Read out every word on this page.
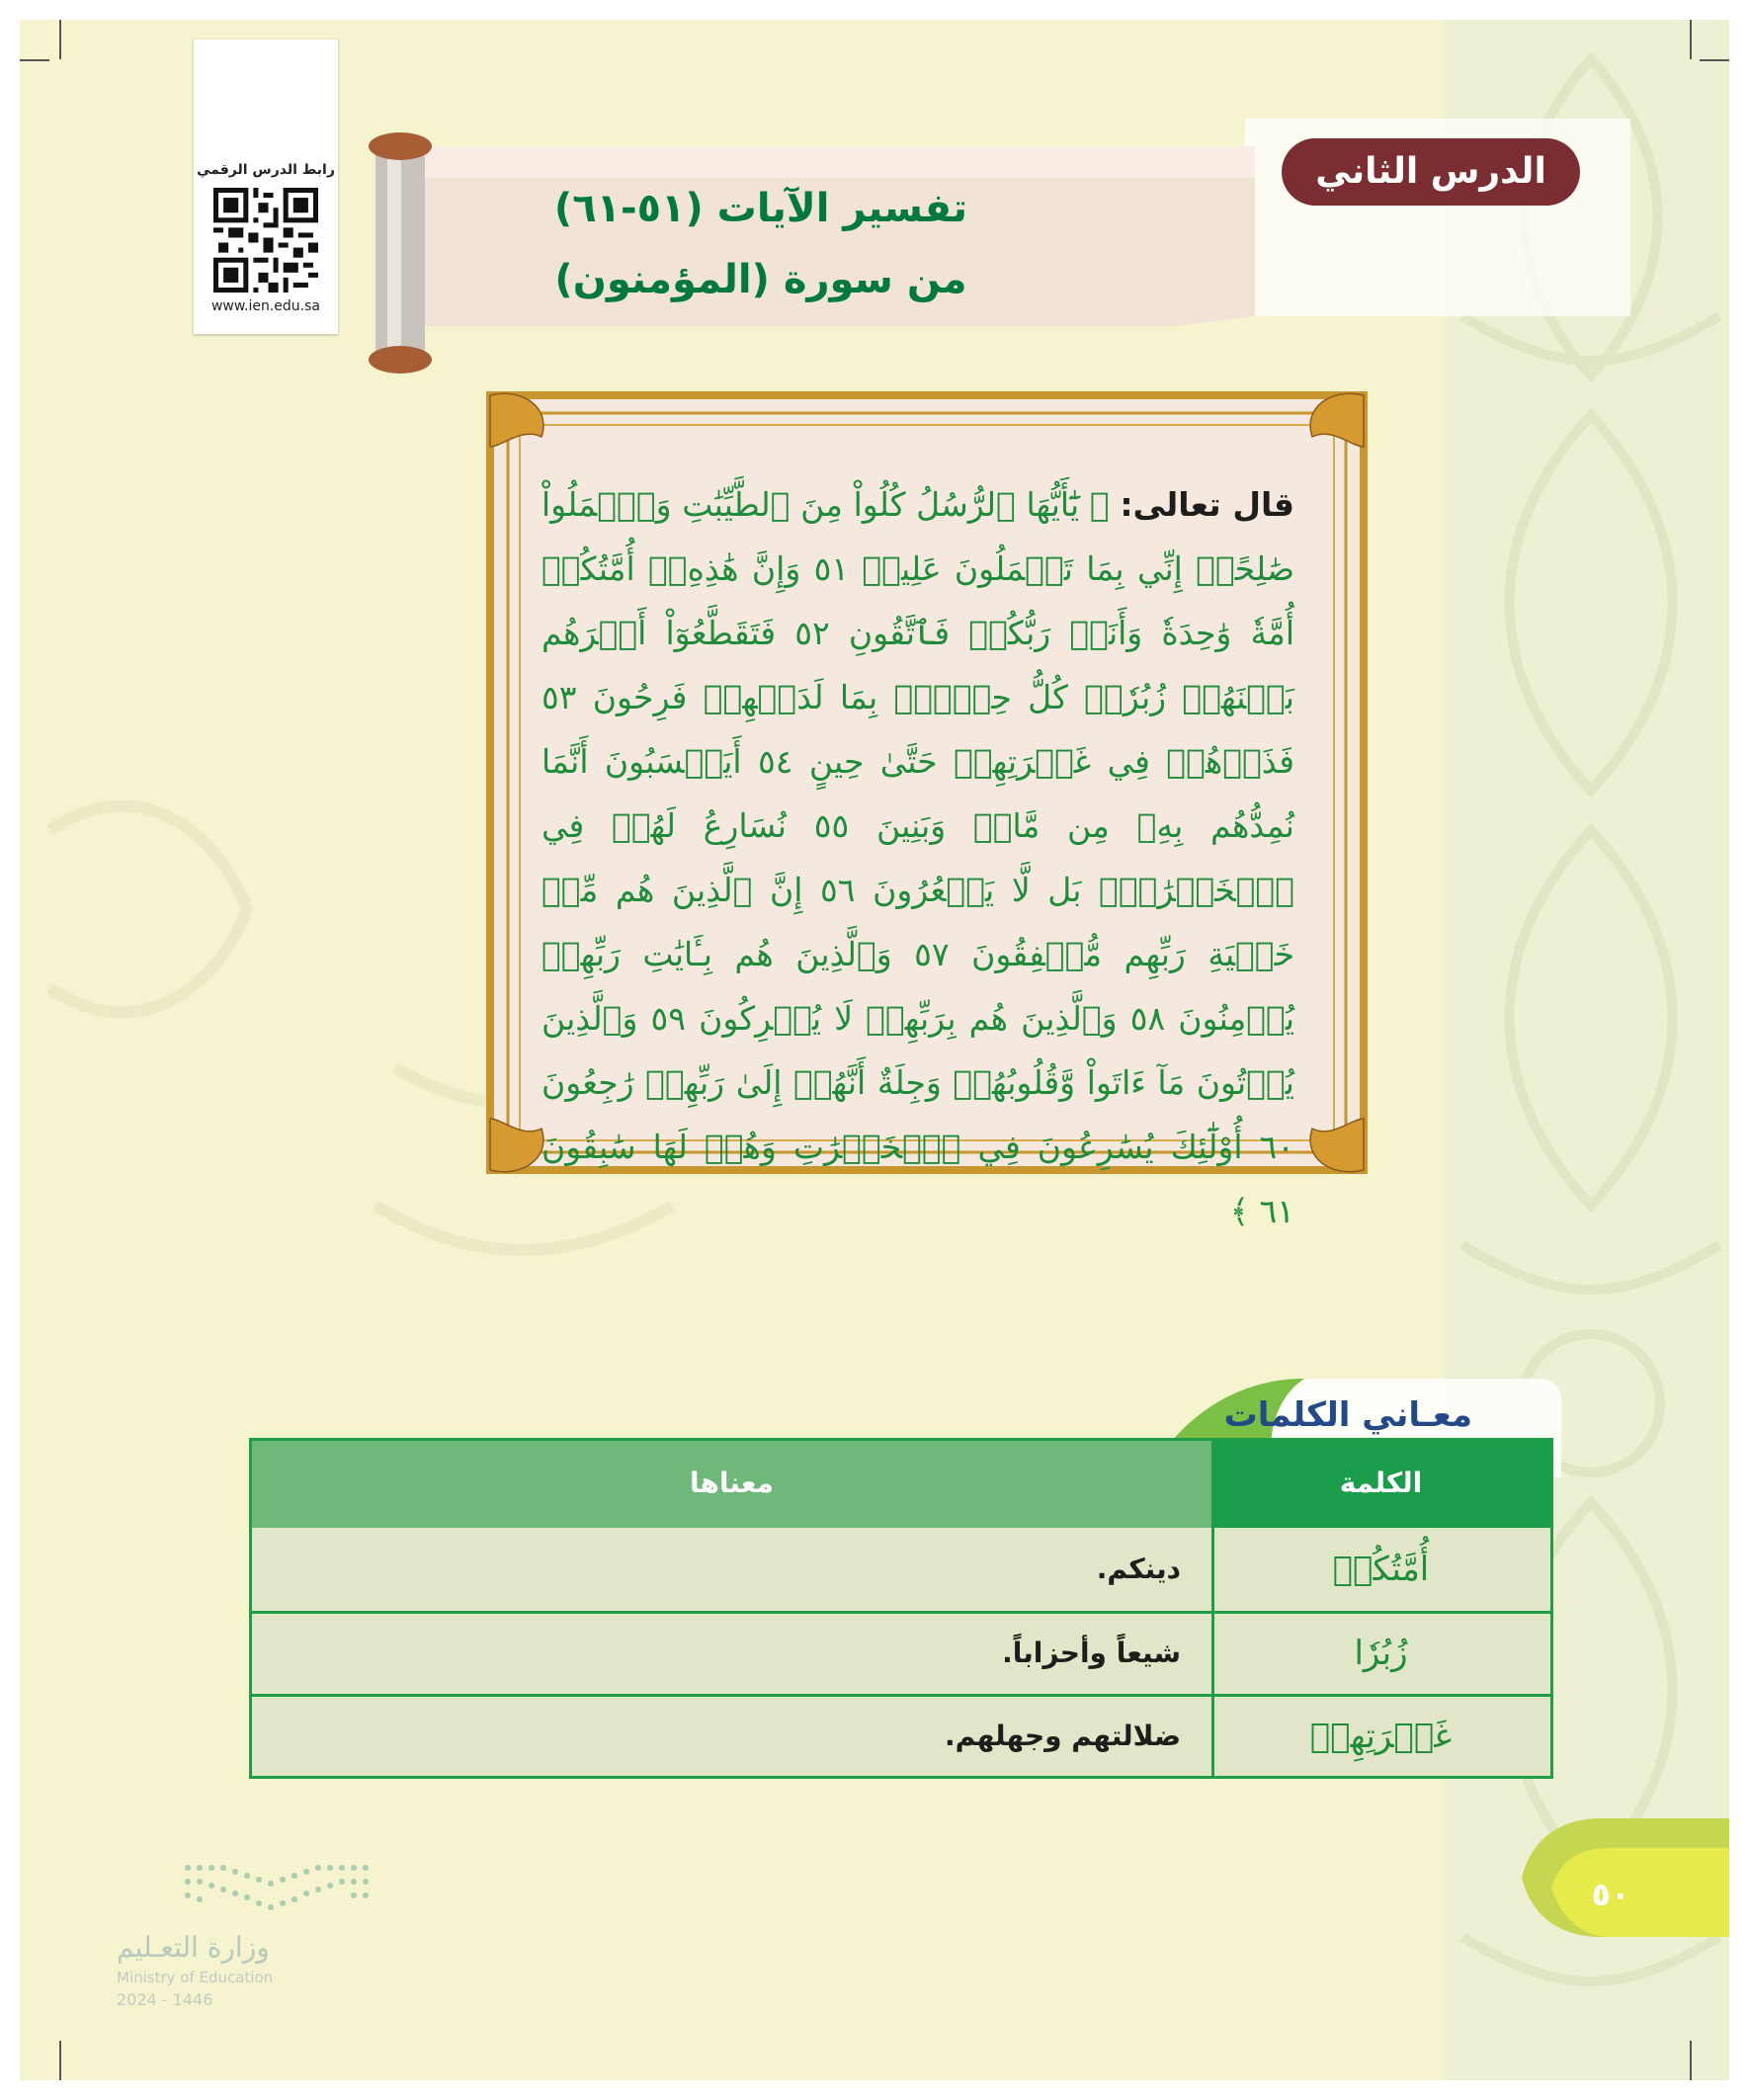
رابط الدرس الرقمي
www.ien.edu.sa
الدرس الثاني
تفسير الآيات (٥١-٦١)
من سورة (المؤمنون)
قال تعالى: ﴿ يَٰٓأَيُّهَا ٱلرُّسُلُ كُلُواْ مِنَ ٱلطَّيِّبَٰتِ وَٱعۡمَلُواْ صَٰلِحًاۖ إِنِّي بِمَا تَعۡمَلُونَ عَلِيمٞ ٥١ وَإِنَّ هَٰذِهِۦٓ أُمَّتُكُمۡ أُمَّةٗ وَٰحِدَةٗ وَأَنَا۠ رَبُّكُمۡ فَٱتَّقُونِ ٥٢ فَتَقَطَّعُوٓاْ أَمۡرَهُم بَيۡنَهُمۡ زُبُرٗاۖ كُلُّ حِزۡبِۭ بِمَا لَدَيۡهِمۡ فَرِحُونَ ٥٣ فَذَرۡهُمۡ فِي غَمۡرَتِهِمۡ حَتَّىٰ حِينٍ ٥٤ أَيَحۡسَبُونَ أَنَّمَا نُمِدُّهُم بِهِۦ مِن مَّالٖ وَبَنِينَ ٥٥ نُسَارِعُ لَهُمۡ فِي ٱلۡخَيۡرَٰتِۚ بَل لَّا يَشۡعُرُونَ ٥٦ إِنَّ ٱلَّذِينَ هُم مِّنۡ خَشۡيَةِ رَبِّهِم مُّشۡفِقُونَ ٥٧ وَٱلَّذِينَ هُم بِـَٔايَٰتِ رَبِّهِمۡ يُؤۡمِنُونَ ٥٨ وَٱلَّذِينَ هُم بِرَبِّهِمۡ لَا يُشۡرِكُونَ ٥٩ وَٱلَّذِينَ يُؤۡتُونَ مَآ ءَاتَواْ وَّقُلُوبُهُمۡ وَجِلَةٌ أَنَّهُمۡ إِلَىٰ رَبِّهِمۡ رَٰجِعُونَ ٦٠ أُوْلَٰٓئِكَ يُسَٰرِعُونَ فِي ٱلۡخَيۡرَٰتِ وَهُمۡ لَهَا سَٰبِقُونَ ٦١ ﴾
معـاني الكلمات
معناها	الكلمة
أُمَّتُكُمۡ
دينكم.
زُبُرٗا
شيعاً وأحزاباً.
غَمۡرَتِهِمۡ
ضلالتهم وجهلهم.
٥٠
وزارة التعـليم
Ministry of Education
2024 - 1446
